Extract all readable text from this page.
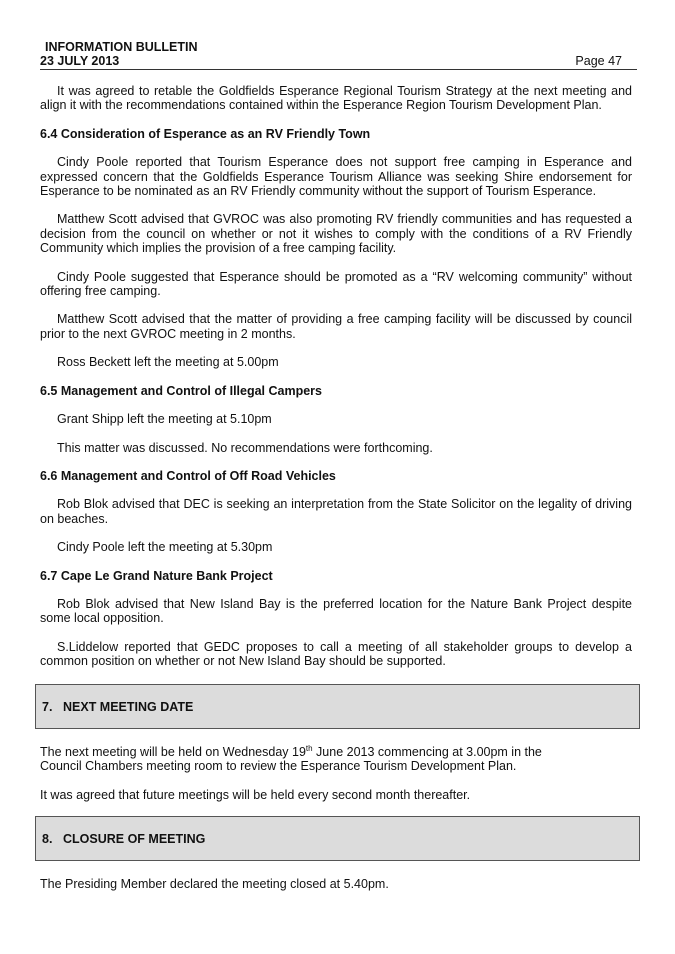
INFORMATION BULLETIN
23 JULY 2013	Page 47

It was agreed to retable the Goldfields Esperance Regional Tourism Strategy at the next meeting and align it with the recommendations contained within the Esperance Region Tourism Development Plan.

6.4 Consideration of Esperance as an RV Friendly Town

Cindy Poole reported that Tourism Esperance does not support free camping in Esperance and expressed concern that the Goldfields Esperance Tourism Alliance was seeking Shire endorsement for Esperance to be nominated as an RV Friendly community without the support of Tourism Esperance.

Matthew Scott advised that GVROC was also promoting RV friendly communities and has requested a decision from the council on whether or not it wishes to comply with the conditions of a RV Friendly Community which implies the provision of a free camping facility.

Cindy Poole suggested that Esperance should be promoted as a “RV welcoming community” without offering free camping.

Matthew Scott advised that the matter of providing a free camping facility will be discussed by council prior to the next GVROC meeting in 2 months.

Ross Beckett left the meeting at 5.00pm

6.5 Management and Control of Illegal Campers

Grant Shipp left the meeting at 5.10pm

This matter was discussed. No recommendations were forthcoming.

6.6 Management and Control of Off Road Vehicles

Rob Blok advised that DEC is seeking an interpretation from the State Solicitor on the legality of driving on beaches.

Cindy Poole left the meeting at 5.30pm

6.7 Cape Le Grand Nature Bank Project

Rob Blok advised that New Island Bay is the preferred location for the Nature Bank Project despite some local opposition.

S.Liddelow reported that GEDC proposes to call a meeting of all stakeholder groups to develop a common position on whether or not New Island Bay should be supported.

7. NEXT MEETING DATE

The next meeting will be held on Wednesday 19th June 2013 commencing at 3.00pm in the
Council Chambers meeting room to review the Esperance Tourism Development Plan.

It was agreed that future meetings will be held every second month thereafter.

8. CLOSURE OF MEETING

The Presiding Member declared the meeting closed at 5.40pm.
